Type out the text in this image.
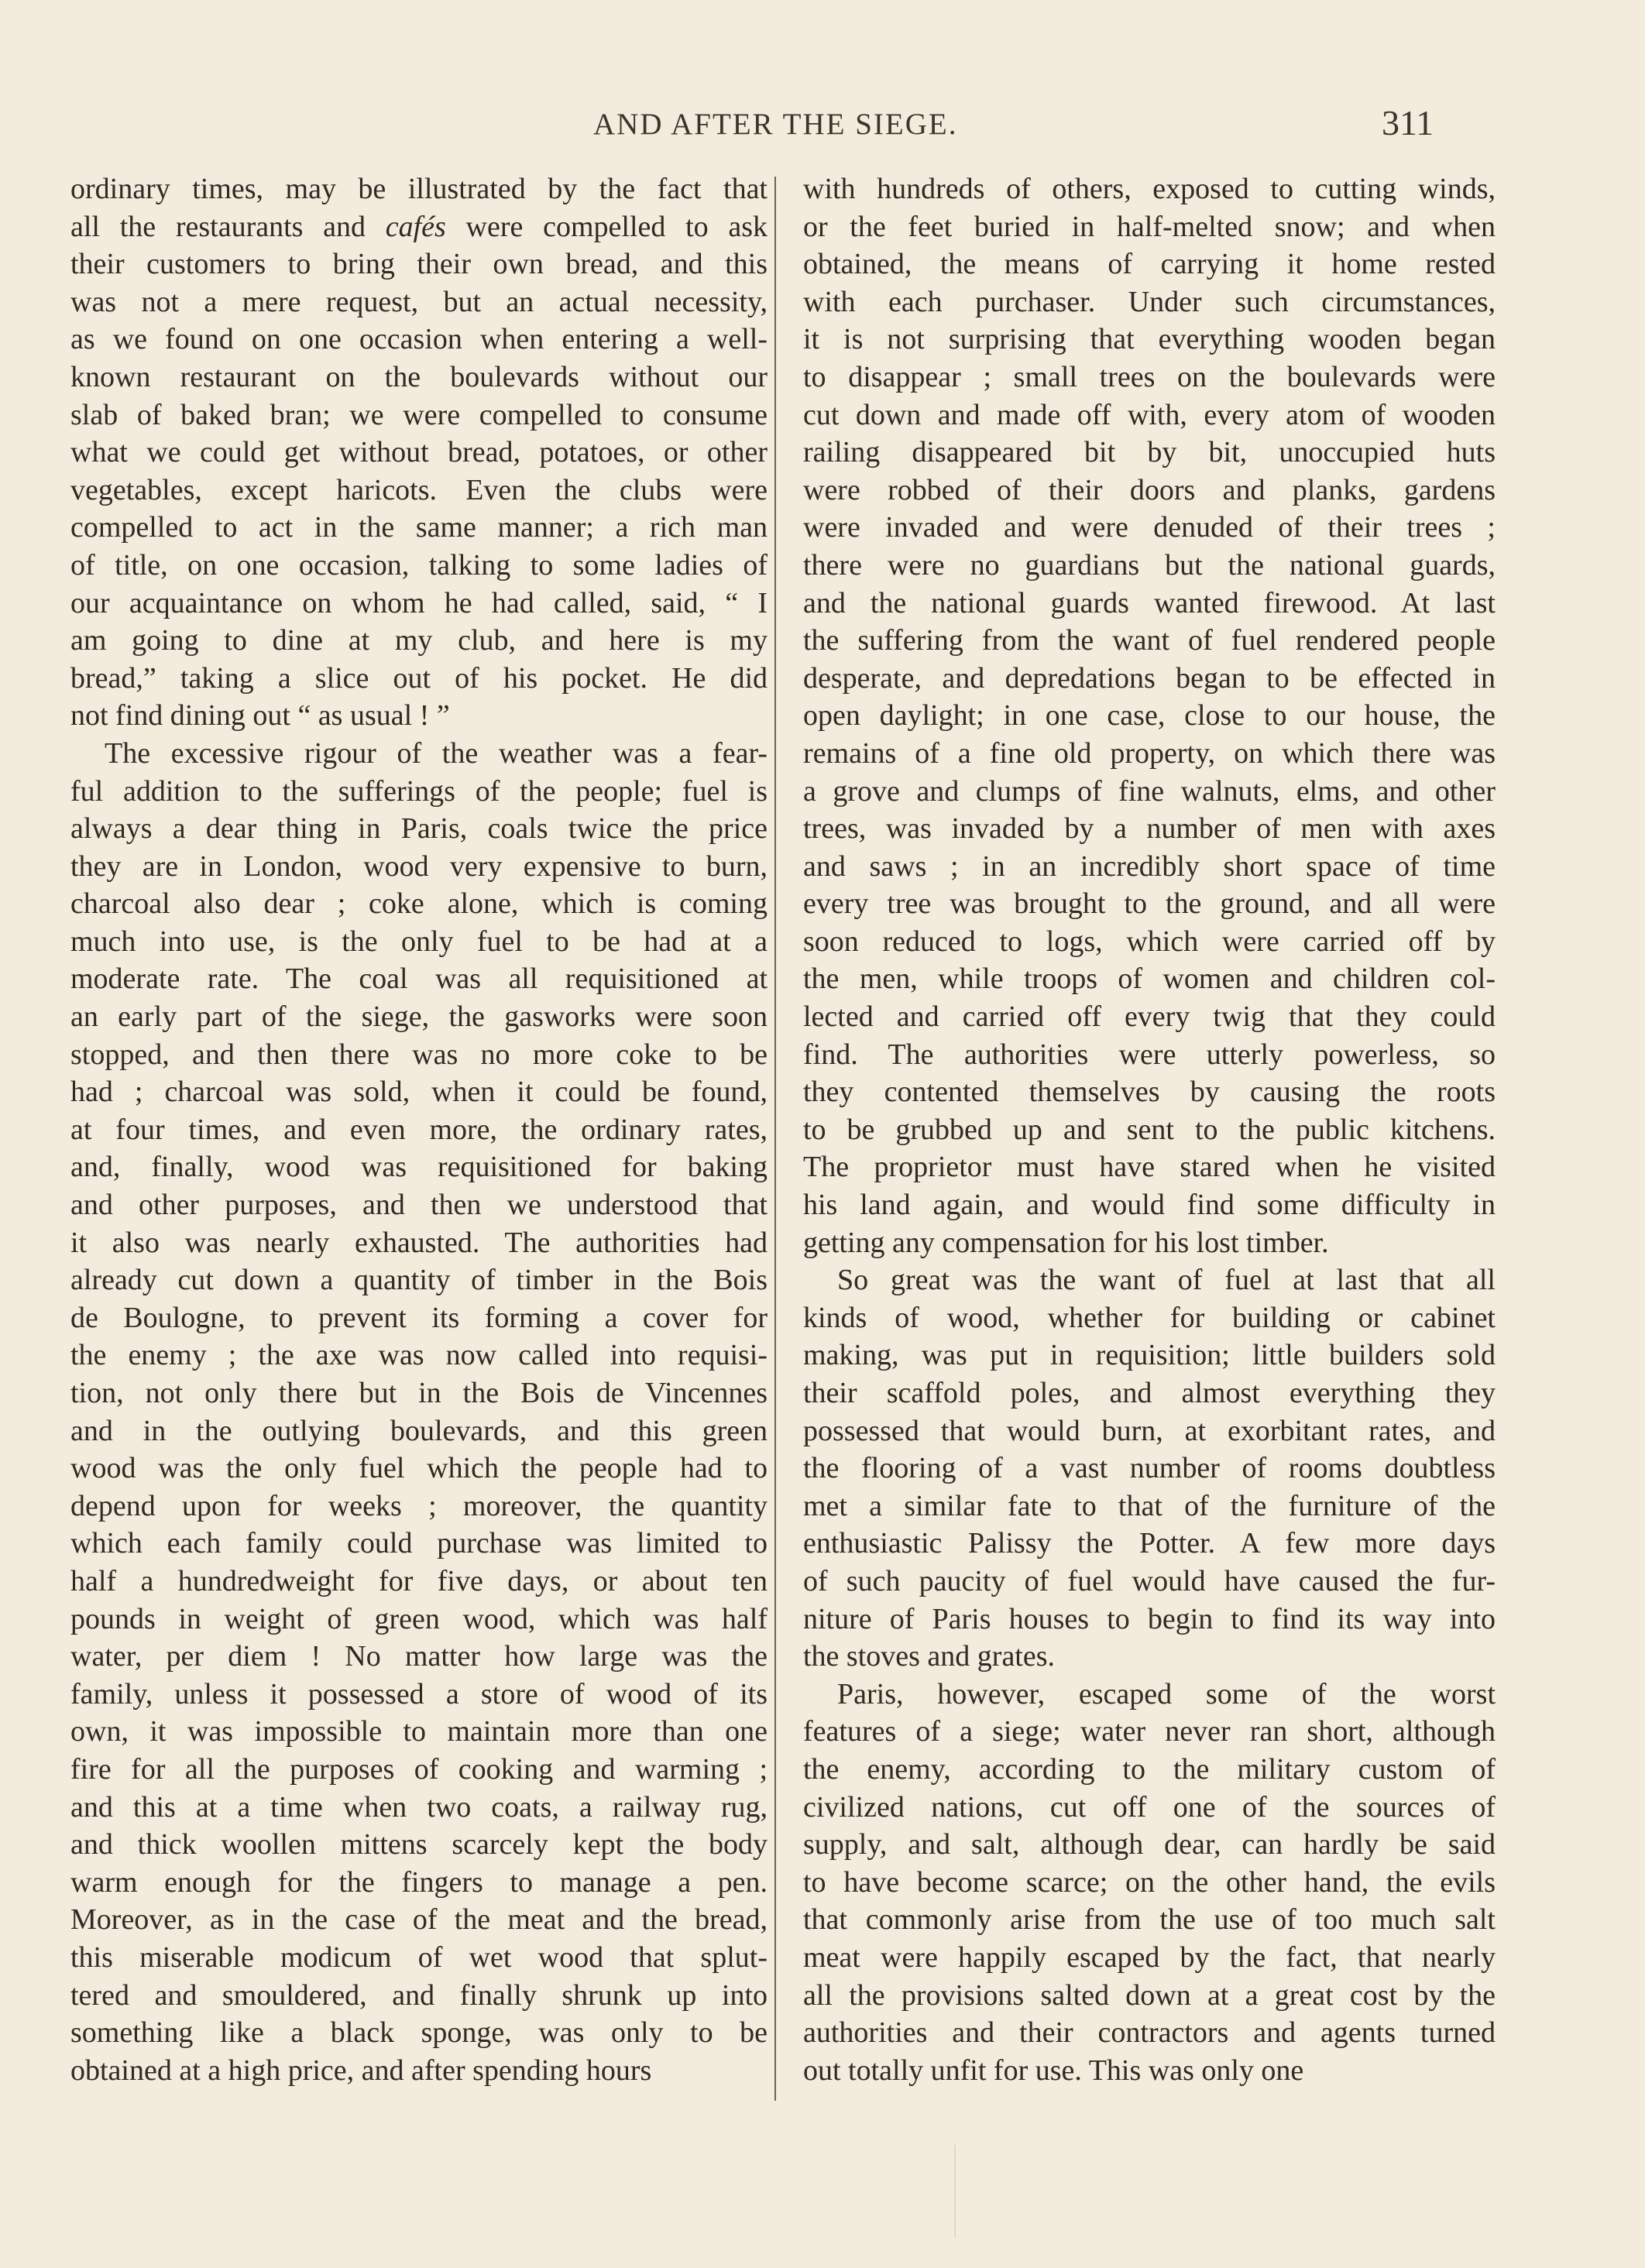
AND AFTER THE SIEGE.	311
ordinary times, may be illustrated by the fact that
all the restaurants and cafés were compelled to ask
their customers to bring their own bread, and this
was not a mere request, but an actual necessity,
as we found on one occasion when entering a well-
known restaurant on the boulevards without our
slab of baked bran; we were compelled to consume
what we could get without bread, potatoes, or other
vegetables, except haricots. Even the clubs were
compelled to act in the same manner; a rich man
of title, on one occasion, talking to some ladies of
our acquaintance on whom he had called, said, “ I
am going to dine at my club, and here is my
bread,” taking a slice out of his pocket. He did
not find dining out “ as usual ! ”
The excessive rigour of the weather was a fear-
ful addition to the sufferings of the people; fuel is
always a dear thing in Paris, coals twice the price
they are in London, wood very expensive to burn,
charcoal also dear ; coke alone, which is coming
much into use, is the only fuel to be had at a
moderate rate. The coal was all requisitioned at
an early part of the siege, the gasworks were soon
stopped, and then there was no more coke to be
had ; charcoal was sold, when it could be found,
at four times, and even more, the ordinary rates,
and, finally, wood was requisitioned for baking
and other purposes, and then we understood that
it also was nearly exhausted. The authorities had
already cut down a quantity of timber in the Bois
de Boulogne, to prevent its forming a cover for
the enemy ; the axe was now called into requisi-
tion, not only there but in the Bois de Vincennes
and in the outlying boulevards, and this green
wood was the only fuel which the people had to
depend upon for weeks ; moreover, the quantity
which each family could purchase was limited to
half a hundredweight for five days, or about ten
pounds in weight of green wood, which was half
water, per diem ! No matter how large was the
family, unless it possessed a store of wood of its
own, it was impossible to maintain more than one
fire for all the purposes of cooking and warming ;
and this at a time when two coats, a railway rug,
and thick woollen mittens scarcely kept the body
warm enough for the fingers to manage a pen.
Moreover, as in the case of the meat and the bread,
this miserable modicum of wet wood that splut-
tered and smouldered, and finally shrunk up into
something like a black sponge, was only to be
obtained at a high price, and after spending hours
with hundreds of others, exposed to cutting winds,
or the feet buried in half-melted snow; and when
obtained, the means of carrying it home rested
with each purchaser. Under such circumstances,
it is not surprising that everything wooden began
to disappear ; small trees on the boulevards were
cut down and made off with, every atom of wooden
railing disappeared bit by bit, unoccupied huts
were robbed of their doors and planks, gardens
were invaded and were denuded of their trees ;
there were no guardians but the national guards,
and the national guards wanted firewood. At last
the suffering from the want of fuel rendered people
desperate, and depredations began to be effected in
open daylight; in one case, close to our house, the
remains of a fine old property, on which there was
a grove and clumps of fine walnuts, elms, and other
trees, was invaded by a number of men with axes
and saws ; in an incredibly short space of time
every tree was brought to the ground, and all were
soon reduced to logs, which were carried off by
the men, while troops of women and children col-
lected and carried off every twig that they could
find. The authorities were utterly powerless, so
they contented themselves by causing the roots
to be grubbed up and sent to the public kitchens.
The proprietor must have stared when he visited
his land again, and would find some difficulty in
getting any compensation for his lost timber.
So great was the want of fuel at last that all
kinds of wood, whether for building or cabinet
making, was put in requisition; little builders sold
their scaffold poles, and almost everything they
possessed that would burn, at exorbitant rates, and
the flooring of a vast number of rooms doubtless
met a similar fate to that of the furniture of the
enthusiastic Palissy the Potter. A few more days
of such paucity of fuel would have caused the fur-
niture of Paris houses to begin to find its way into
the stoves and grates.
Paris, however, escaped some of the worst
features of a siege; water never ran short, although
the enemy, according to the military custom of
civilized nations, cut off one of the sources of
supply, and salt, although dear, can hardly be said
to have become scarce; on the other hand, the evils
that commonly arise from the use of too much salt
meat were happily escaped by the fact, that nearly
all the provisions salted down at a great cost by the
authorities and their contractors and agents turned
out totally unfit for use. This was only one
